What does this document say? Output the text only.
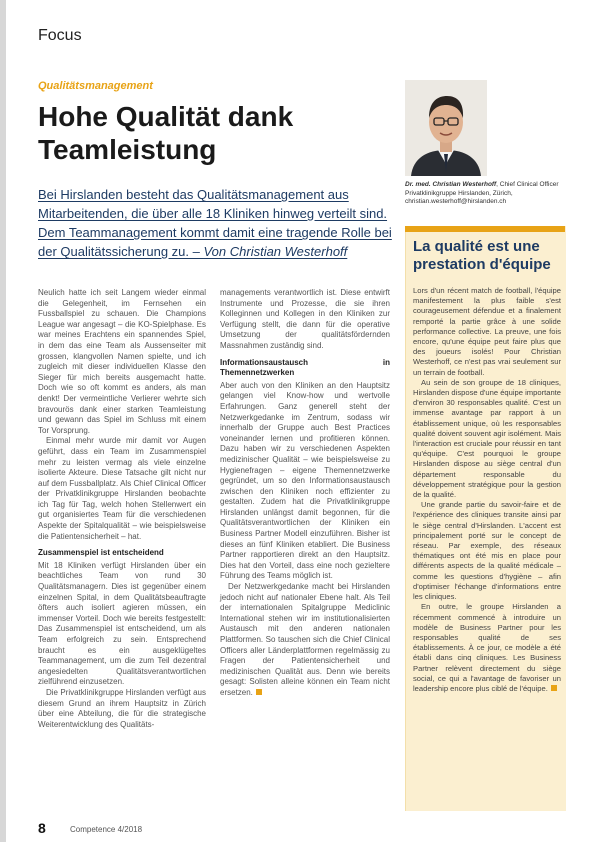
Focus
Qualitätsmanagement
Hohe Qualität dank Teamleistung
Bei Hirslanden besteht das Qualitätsmanagement aus Mitarbeitenden, die über alle 18 Kliniken hinweg verteilt sind. Dem Teammanagement kommt damit eine tragende Rolle bei der Qualitätssicherung zu. – Von Christian Westerhoff

Neulich hatte ich seit Langem wieder einmal die Gelegenheit, im Fernsehen ein Fussballspiel zu schauen. Die Champions League war angesagt – die KO-Spielphase. Es war meines Erachtens ein spannendes Spiel, in dem das eine Team als Aussenseiter mit grossen, klangvollen Namen spielte, und ich zugleich mit dieser individuellen Klasse den Sieger für mich bereits ausgemacht hatte. Doch wie so oft kommt es anders, als man denkt! Der vermeintliche Verlierer wehrte sich bravourös dank einer starken Teamleistung und gewann das Spiel im Schluss mit einem Tor Vorsprung.

Einmal mehr wurde mir damit vor Augen geführt, dass ein Team im Zusammenspiel mehr zu leisten vermag als viele einzelne isolierte Akteure. Diese Tatsache gilt nicht nur auf dem Fussballplatz. Als Chief Clinical Officer der Privatklinikgruppe Hirslanden beobachte ich Tag für Tag, welch hohen Stellenwert ein gut organisiertes Team für die verschiedenen Aspekte der Spitalqualität – wie beispielsweise die Patientensicherheit – hat.

Zusammenspiel ist entscheidend

Mit 18 Kliniken verfügt Hirslanden über ein beachtliches Team von rund 30 Qualitätsmanagern. Dies ist gegenüber einem einzelnen Spital, in dem Qualitätsbeauftragte öfters auch isoliert agieren müssen, ein immenser Vorteil. Doch wie bereits festgestellt: Das Zusammenspiel ist entscheidend, um als Team erfolgreich zu sein. Entsprechend braucht es ein ausgeklügeltes Teammanagement, um die zum Teil dezentral angesiedelten Qualitätsverantwortlichen zielführend einzusetzen.

Die Privatklinikgruppe Hirslanden verfügt aus diesem Grund an ihrem Hauptsitz in Zürich über eine Abteilung, die für die strategische Weiterentwicklung des Qualitäts-

managements verantwortlich ist. Diese entwirft Instrumente und Prozesse, die sie ihren Kolleginnen und Kollegen in den Kliniken zur Verfügung stellt, die dann für die operative Umsetzung der qualitätsfördernden Massnahmen zuständig sind.

Informationsaustausch in Themennetzwerken

Aber auch von den Kliniken an den Hauptsitz gelangen viel Know-how und wertvolle Erfahrungen. Ganz generell steht der Netzwerkgedanke im Zentrum, sodass wir innerhalb der Gruppe auch Best Practices voneinander lernen und profitieren können. Dazu haben wir zu verschiedenen Aspekten medizinischer Qualität – wie beispielsweise zu Hygienefragen – eigene Themennetzwerke gegründet, um so den Informationsaustausch zwischen den Kliniken noch effizienter zu gestalten. Zudem hat die Privatklinikgruppe Hirslanden unlängst damit begonnen, für die Qualitätsverantwortlichen der Kliniken ein Business Partner Modell einzuführen. Bisher ist dieses an fünf Kliniken etabliert. Die Business Partner rapportieren direkt an den Hauptsitz. Dies hat den Vorteil, dass eine noch gezieltere Führung des Teams möglich ist.

Der Netzwerkgedanke macht bei Hirslanden jedoch nicht auf nationaler Ebene halt. Als Teil der internationalen Spitalgruppe Mediclinic International stehen wir im institutionalisierten Austausch mit den anderen nationalen Plattformen. So tauschen sich die Chief Clinical Officers aller Länderplattformen regelmässig zu Fragen der Patientensicherheit und medizinischen Qualität aus. Denn wie bereits gesagt: Solisten alleine können ein Team nicht ersetzen.

Dr. med. Christian Westerhoff, Chief Clinical Officer Privatklinikgruppe Hirslanden, Zürich, christian.westerhoff@hirslanden.ch
La qualité est une prestation d'équipe

Lors d'un récent match de football, l'équipe manifestement la plus faible s'est courageusement défendue et a finalement remporté la partie grâce à une solide performance collective. La preuve, une fois encore, qu'une équipe peut faire plus que des joueurs isolés! Pour Christian Westerhoff, ce n'est pas vrai seulement sur un terrain de football.

Au sein de son groupe de 18 cliniques, Hirslanden dispose d'une équipe importante d'environ 30 responsables qualité. C'est un immense avantage par rapport à un établissement unique, où les responsables qualité doivent souvent agir isolément. Mais l'interaction est cruciale pour réussir en tant qu'équipe. C'est pourquoi le groupe Hirslanden dispose au siège central d'un département responsable du développement stratégique pour la gestion de la qualité.

Une grande partie du savoir-faire et de l'expérience des cliniques transite ainsi par le siège central d'Hirslanden. L'accent est principalement porté sur le concept de réseau. Par exemple, des réseaux thématiques ont été mis en place pour différents aspects de la qualité médicale – comme les questions d'hygiène – afin d'optimiser l'échange d'informations entre les cliniques.

En outre, le groupe Hirslanden a récemment commencé à introduire un modèle de Business Partner pour les responsables qualité de ses établissements. À ce jour, ce modèle a été établi dans cinq cliniques. Les Business Partner relèvent directement du siège social, ce qui a l'avantage de favoriser un leadership encore plus ciblé de l'équipe.

8	Competence 4/2018
